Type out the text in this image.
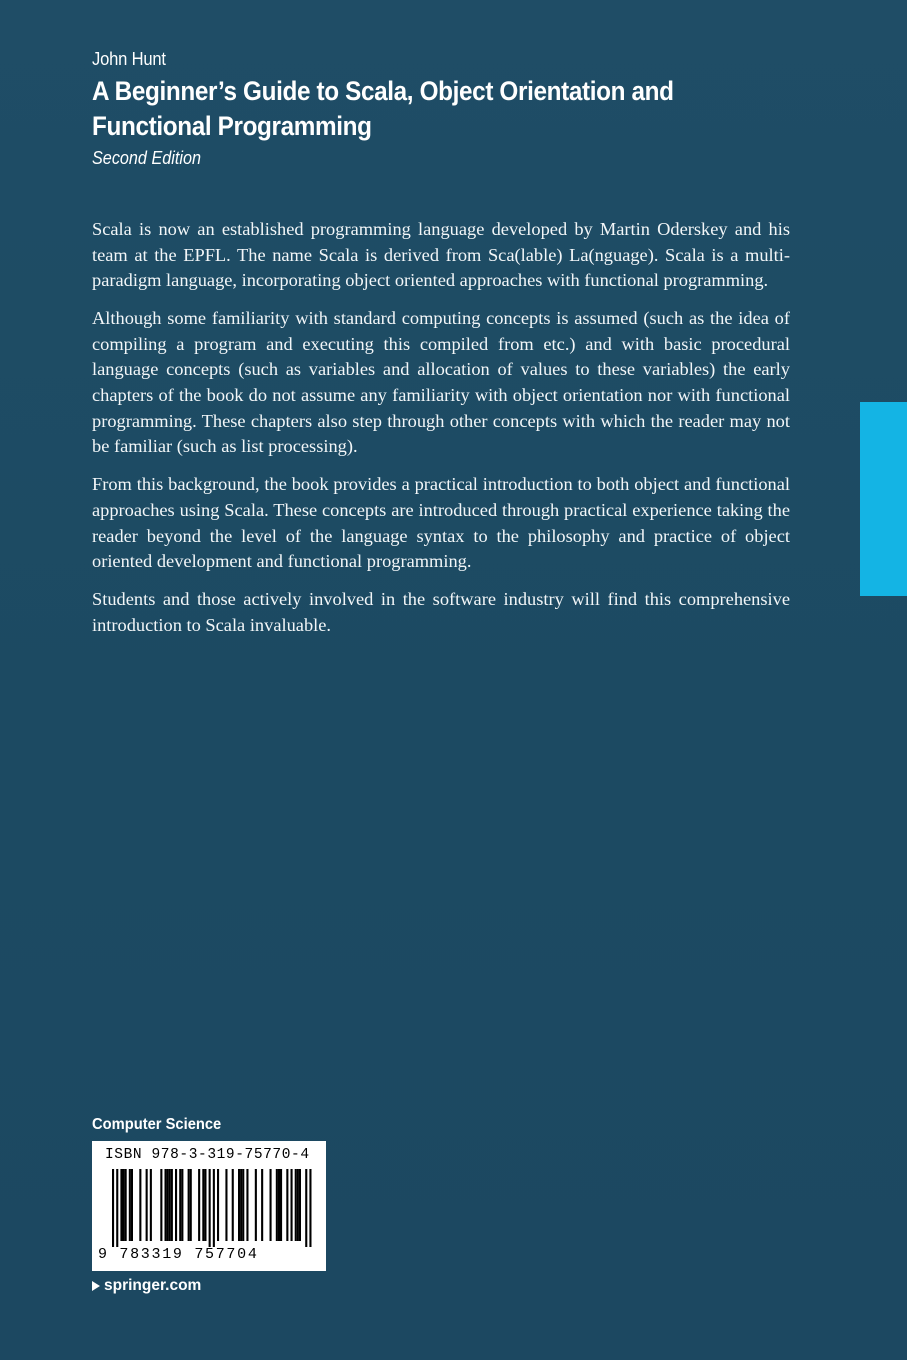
John Hunt
A Beginner’s Guide to Scala, Object Orientation and Functional Programming
Second Edition

Scala is now an established programming language developed by Martin Oderskey and his team at the EPFL. The name Scala is derived from Sca(lable) La(nguage). Scala is a multi-paradigm language, incorporating object oriented approaches with functional programming.

Although some familiarity with standard computing concepts is assumed (such as the idea of compiling a program and executing this compiled from etc.) and with basic procedural language concepts (such as variables and allocation of values to these variables) the early chapters of the book do not assume any familiarity with object orientation nor with functional programming. These chapters also step through other concepts with which the reader may not be familiar (such as list processing).

From this background, the book provides a practical introduction to both object and functional approaches using Scala. These concepts are introduced through practical experience taking the reader beyond the level of the language syntax to the philosophy and practice of object oriented development and functional programming.

Students and those actively involved in the software industry will find this comprehensive introduction to Scala invaluable.

Computer Science
ISBN 978-3-319-75770-4
9 783319 757704
springer.com
